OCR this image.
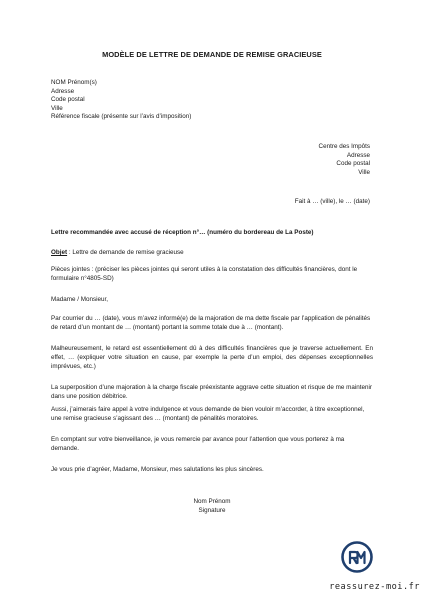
MODÈLE DE LETTRE DE DEMANDE DE REMISE GRACIEUSE
NOM Prénom(s)
Adresse
Code postal
Ville
Référence fiscale (présente sur l’avis d’imposition)
Centre des Impôts
Adresse
Code postal
Ville
Fait à … (ville), le … (date)
Lettre recommandée avec accusé de réception n°… (numéro du bordereau de La Poste)
Objet : Lettre de demande de remise gracieuse
Pièces jointes : (préciser les pièces jointes qui seront utiles à la constatation des difficultés financières, dont le formulaire n°4805-SD)
Madame / Monsieur,
Par courrier du … (date), vous m’avez informé(e) de la majoration de ma dette fiscale par l’application de pénalités de retard d’un montant de … (montant) portant la somme totale due à … (montant).
Malheureusement, le retard est essentiellement dû à des difficultés financières que je traverse actuellement. En effet, … (expliquer votre situation en cause, par exemple la perte d’un emploi, des dépenses exceptionnelles imprévues, etc.)
La superposition d’une majoration à la charge fiscale préexistante aggrave cette situation et risque de me maintenir dans une position débitrice.
Aussi, j’aimerais faire appel à votre indulgence et vous demande de bien vouloir m’accorder, à titre exceptionnel, une remise gracieuse s’agissant des … (montant) de pénalités moratoires.
En comptant sur votre bienveillance, je vous remercie par avance pour l’attention que vous porterez à ma demande.
Je vous prie d’agréer, Madame, Monsieur, mes salutations les plus sincères.
Nom Prénom
Signature
reassurez-moi.fr
